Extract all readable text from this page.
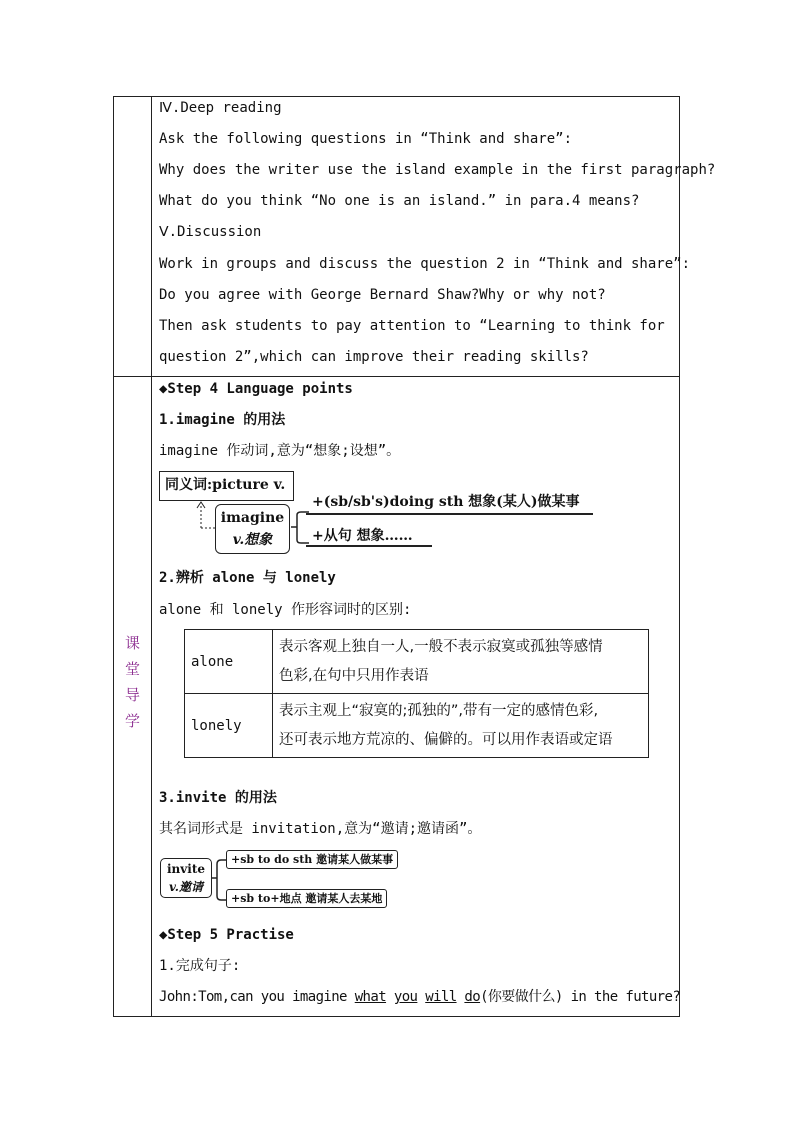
课
堂
导
学
Ⅳ.Deep reading
Ask the following questions in “Think and share”:
Why does the writer use the island example in the first paragraph?
What do you think “No one is an island.” in para.4 means?
Ⅴ.Discussion
Work in groups and discuss the question 2 in “Think and share”:
Do you agree with George Bernard Shaw?Why or why not?
Then ask students to pay attention to “Learning to think for
question 2”,which can improve their reading skills?
◆Step 4 Language points
1.imagine 的用法
imagine 作动词,意为“想象;设想”。
同义词:picture v.
imagine
v.想象
+(sb/sb's)doing sth 想象(某人)做某事
+从句 想象……
2.辨析 alone 与 lonely
alone 和 lonely 作形容词时的区别:
alone	表示客观上独自一人,一般不表示寂寞或孤独等感情
色彩,在句中只用作表语

lonely	表示主观上“寂寞的;孤独的”,带有一定的感情色彩,
还可表示地方荒凉的、偏僻的。可以用作表语或定语
3.invite 的用法
其名词形式是 invitation,意为“邀请;邀请函”。
invite
v.邀请
+sb to do sth 邀请某人做某事
+sb to+地点 邀请某人去某地
◆Step 5 Practise
1.完成句子:
John:Tom,can you imagine what you will do(你要做什么) in the future?
